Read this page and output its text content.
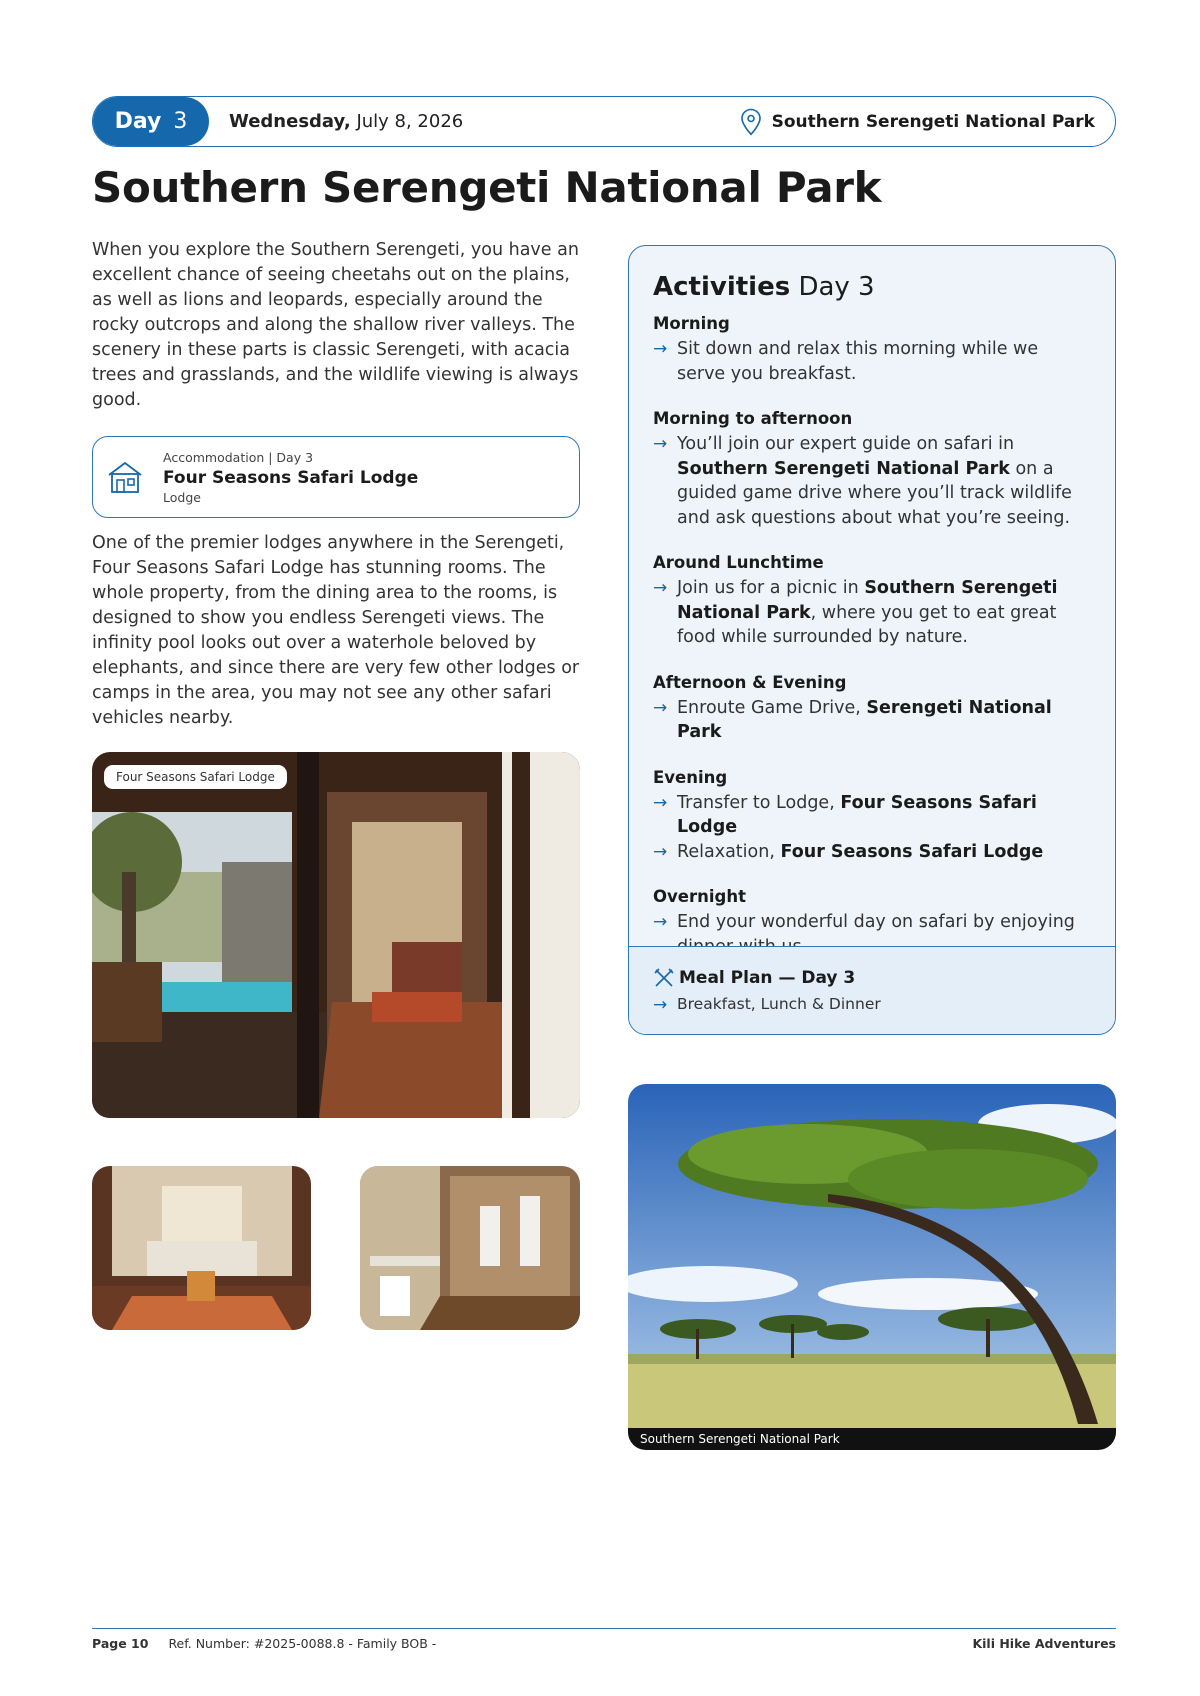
Day 3 Wednesday, July 8, 2026	Southern Serengeti National Park
Southern Serengeti National Park

When you explore the Southern Serengeti, you have an excellent chance of seeing cheetahs out on the plains, as well as lions and leopards, especially around the rocky outcrops and along the shallow river valleys. The scenery in these parts is classic Serengeti, with acacia trees and grasslands, and the wildlife viewing is always good.

Accommodation | Day 3
Four Seasons Safari Lodge
Lodge

One of the premier lodges anywhere in the Serengeti, Four Seasons Safari Lodge has stunning rooms. The whole property, from the dining area to the rooms, is designed to show you endless Serengeti views. The infinity pool looks out over a waterhole beloved by elephants, and since there are very few other lodges or camps in the area, you may not see any other safari vehicles nearby.

Four Seasons Safari Lodge
Activities Day 3
Morning
→ Sit down and relax this morning while we serve you breakfast.
Morning to afternoon
→ You’ll join our expert guide on safari in Southern Serengeti National Park on a guided game drive where you’ll track wildlife and ask questions about what you’re seeing.
Around Lunchtime
→ Join us for a picnic in Southern Serengeti National Park, where you get to eat great food while surrounded by nature.
Afternoon & Evening
→ Enroute Game Drive, Serengeti National Park
Evening
→ Transfer to Lodge, Four Seasons Safari Lodge
→ Relaxation, Four Seasons Safari Lodge
Overnight
→ End your wonderful day on safari by enjoying
Meal Plan — Day 3
→ Breakfast, Lunch & Dinner
Southern Serengeti National Park
Page 10 Ref. Number: #2025-0088.8 - Family BOB -	Kili Hike Adventures
